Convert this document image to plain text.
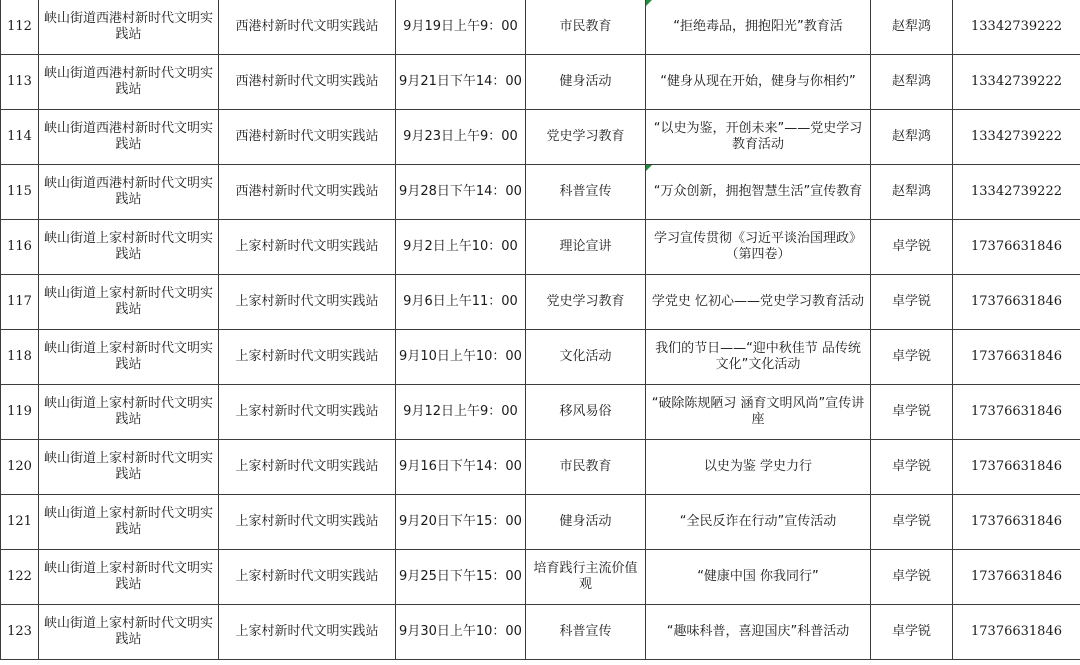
112	峡山街道西港村新时代文明实
践站	西港村新时代文明实践站	9月19日上午9：00	市民教育	“拒绝毒品，拥抱阳光”教育活	赵犁鸿	13342739222
113	峡山街道西港村新时代文明实
践站	西港村新时代文明实践站	9月21日下午14：00	健身活动	“健身从现在开始，健身与你相约”	赵犁鸿	13342739222
114	峡山街道西港村新时代文明实
践站	西港村新时代文明实践站	9月23日上午9：00	党史学习教育	“以史为鉴，开创未来”——党史学习教育活动	赵犁鸿	13342739222
115	峡山街道西港村新时代文明实
践站	西港村新时代文明实践站	9月28日下午14：00	科普宣传	“万众创新，拥抱智慧生活”宣传教育	赵犁鸿	13342739222
116	峡山街道上家村新时代文明实
践站	上家村新时代文明实践站	9月2日上午10：00	理论宣讲	学习宣传贯彻《习近平谈治国理政》（第四卷）	卓学锐	17376631846
117	峡山街道上家村新时代文明实
践站	上家村新时代文明实践站	9月6日上午11：00	党史学习教育	学党史 忆初心——党史学习教育活动	卓学锐	17376631846
118	峡山街道上家村新时代文明实
践站	上家村新时代文明实践站	9月10日上午10：00	文化活动	我们的节日——“迎中秋佳节 品传统文化”文化活动	卓学锐	17376631846
119	峡山街道上家村新时代文明实
践站	上家村新时代文明实践站	9月12日上午9：00	移风易俗	“破除陈规陋习 涵育文明风尚”宣传讲座	卓学锐	17376631846
120	峡山街道上家村新时代文明实
践站	上家村新时代文明实践站	9月16日下午14：00	市民教育	以史为鉴 学史力行	卓学锐	17376631846
121	峡山街道上家村新时代文明实
践站	上家村新时代文明实践站	9月20日下午15：00	健身活动	“全民反诈在行动”宣传活动	卓学锐	17376631846
122	峡山街道上家村新时代文明实
践站	上家村新时代文明实践站	9月25日下午15：00	培育践行主流价值观	“健康中国 你我同行”	卓学锐	17376631846
123	峡山街道上家村新时代文明实
践站	上家村新时代文明实践站	9月30日上午10：00	科普宣传	“趣味科普，喜迎国庆”科普活动	卓学锐	17376631846
